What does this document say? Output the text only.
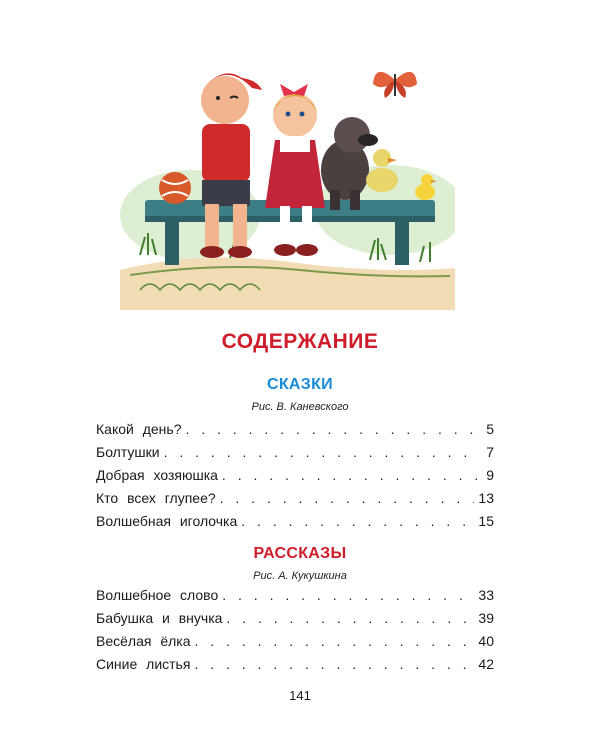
СОДЕРЖАНИЕ
СКАЗКИ
Рис. В. Каневского
Какой день? . . .	5
Болтушки . . .	7
Добрая хозяюшка . . .	9
Кто всех глупее? . . .	13
Волшебная иголочка . . .	15
РАССКАЗЫ
Рис. А. Кукушкина
Волшебное слово . . .	33
Бабушка и внучка . . .	39
Весёлая ёлка . . .	40
Синие листья . . .	42
141
